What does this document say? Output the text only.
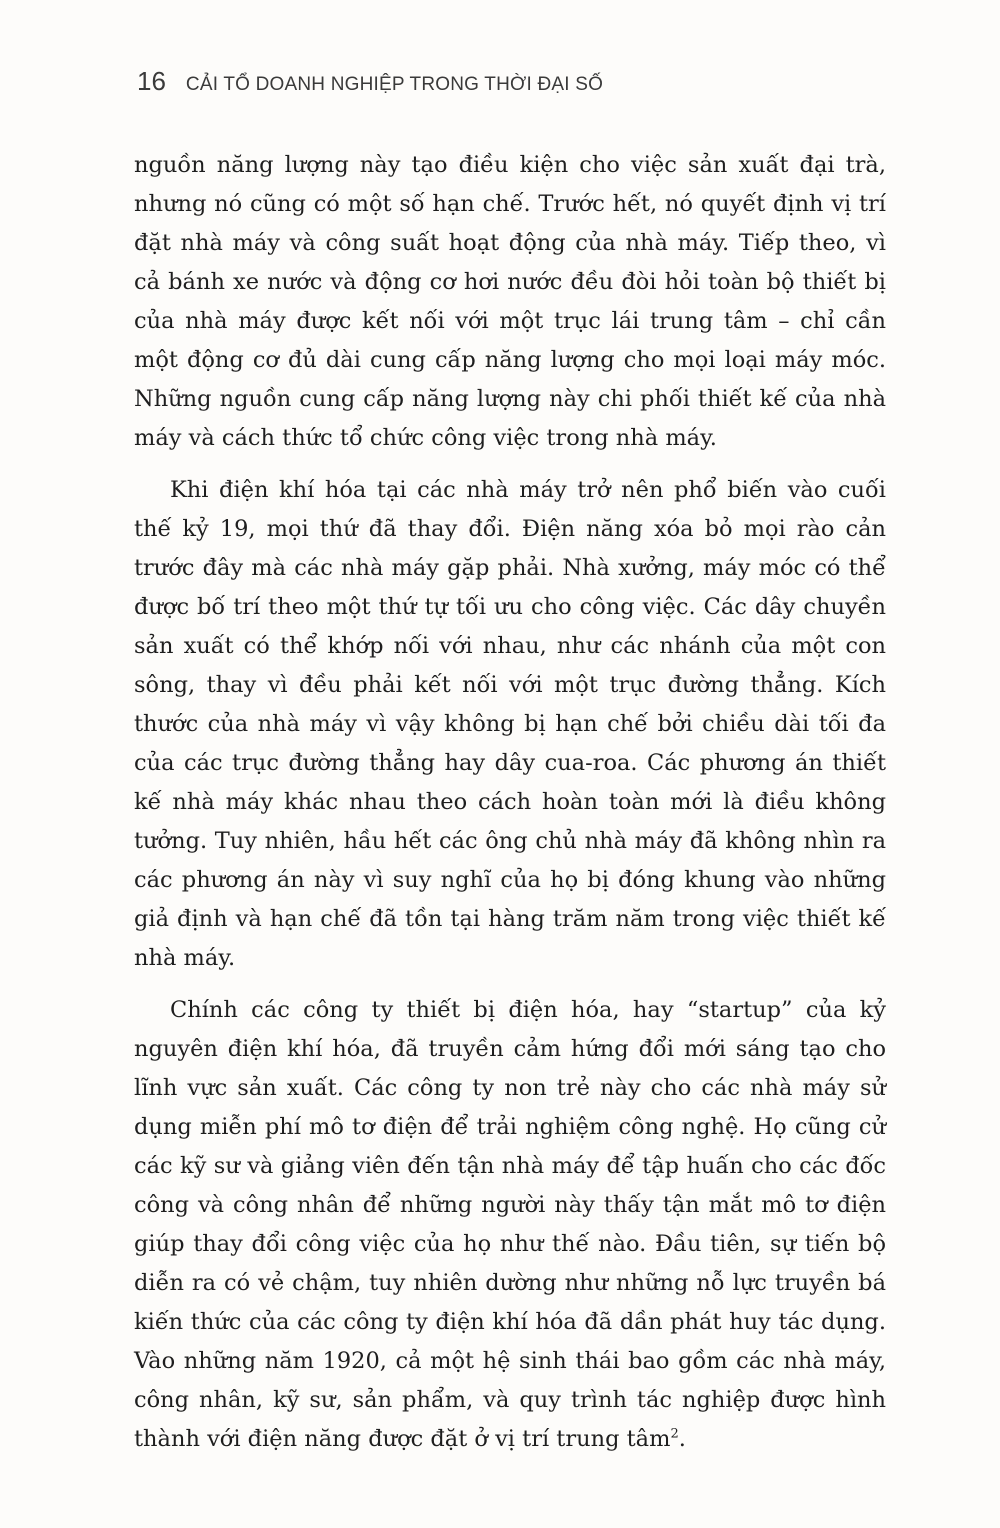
16 CẢI TỔ DOANH NGHIỆP TRONG THỜI ĐẠI SỐ

nguồn năng lượng này tạo điều kiện cho việc sản xuất đại trà, nhưng nó cũng có một số hạn chế. Trước hết, nó quyết định vị trí đặt nhà máy và công suất hoạt động của nhà máy. Tiếp theo, vì cả bánh xe nước và động cơ hơi nước đều đòi hỏi toàn bộ thiết bị của nhà máy được kết nối với một trục lái trung tâm – chỉ cần một động cơ đủ dài cung cấp năng lượng cho mọi loại máy móc. Những nguồn cung cấp năng lượng này chi phối thiết kế của nhà máy và cách thức tổ chức công việc trong nhà máy.

Khi điện khí hóa tại các nhà máy trở nên phổ biến vào cuối thế kỷ 19, mọi thứ đã thay đổi. Điện năng xóa bỏ mọi rào cản trước đây mà các nhà máy gặp phải. Nhà xưởng, máy móc có thể được bố trí theo một thứ tự tối ưu cho công việc. Các dây chuyền sản xuất có thể khớp nối với nhau, như các nhánh của một con sông, thay vì đều phải kết nối với một trục đường thẳng. Kích thước của nhà máy vì vậy không bị hạn chế bởi chiều dài tối đa của các trục đường thẳng hay dây cua-roa. Các phương án thiết kế nhà máy khác nhau theo cách hoàn toàn mới là điều không tưởng. Tuy nhiên, hầu hết các ông chủ nhà máy đã không nhìn ra các phương án này vì suy nghĩ của họ bị đóng khung vào những giả định và hạn chế đã tồn tại hàng trăm năm trong việc thiết kế nhà máy.

Chính các công ty thiết bị điện hóa, hay “startup” của kỷ nguyên điện khí hóa, đã truyền cảm hứng đổi mới sáng tạo cho lĩnh vực sản xuất. Các công ty non trẻ này cho các nhà máy sử dụng miễn phí mô tơ điện để trải nghiệm công nghệ. Họ cũng cử các kỹ sư và giảng viên đến tận nhà máy để tập huấn cho các đốc công và công nhân để những người này thấy tận mắt mô tơ điện giúp thay đổi công việc của họ như thế nào. Đầu tiên, sự tiến bộ diễn ra có vẻ chậm, tuy nhiên dường như những nỗ lực truyền bá kiến thức của các công ty điện khí hóa đã dần phát huy tác dụng. Vào những năm 1920, cả một hệ sinh thái bao gồm các nhà máy, công nhân, kỹ sư, sản phẩm, và quy trình tác nghiệp được hình thành với điện năng được đặt ở vị trí trung tâm$^2$.
